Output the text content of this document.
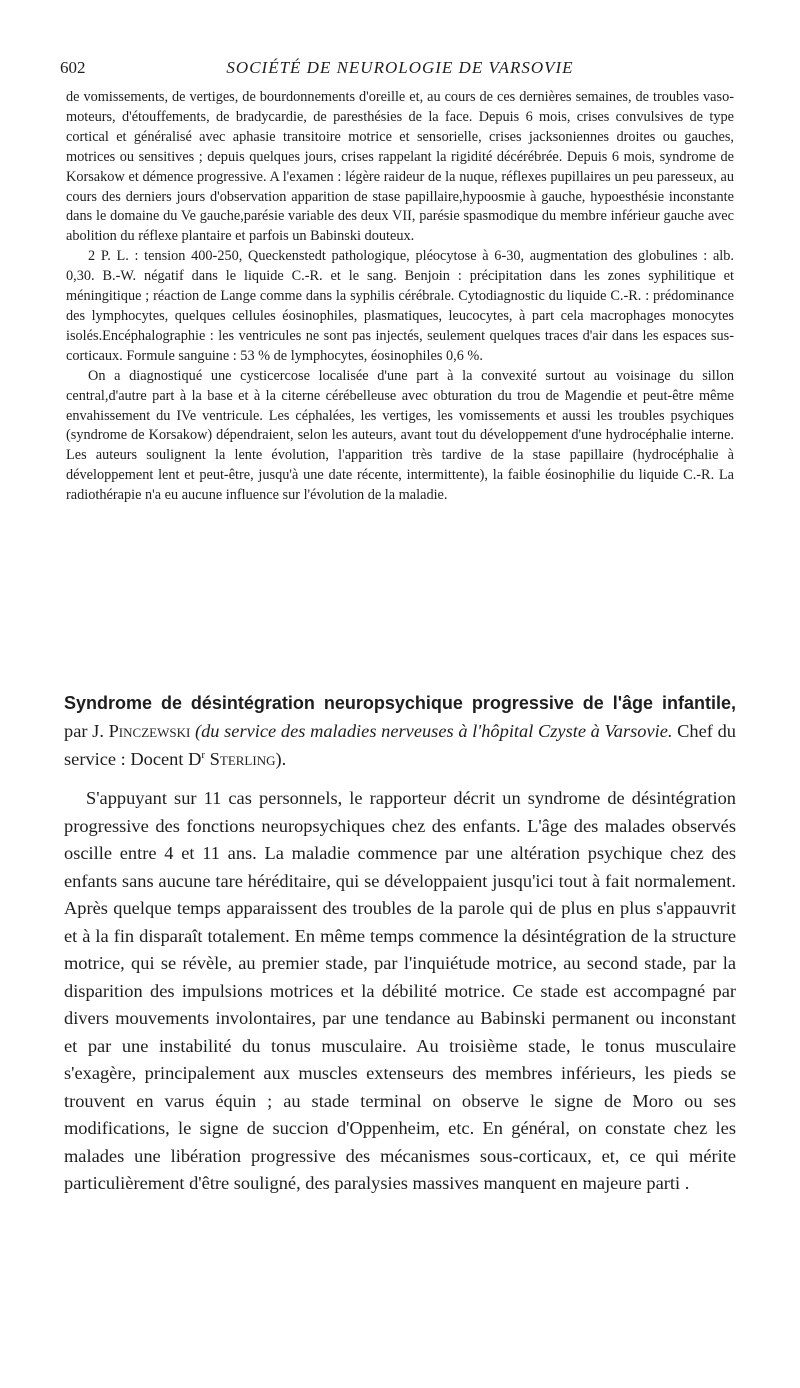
602	SOCIÉTÉ DE NEUROLOGIE DE VARSOVIE

de vomissements, de vertiges, de bourdonnements d'oreille et, au cours de ces dernières semaines, de troubles vaso-moteurs, d'étouffements, de bradycardie, de paresthésies de la face. Depuis 6 mois, crises convulsives de type cortical et généralisé avec aphasie transitoire motrice et sensorielle, crises jacksoniennes droites ou gauches, motrices ou sensitives ; depuis quelques jours, crises rappelant la rigidité décérébrée. Depuis 6 mois, syndrome de Korsakow et démence progressive. A l'examen : légère raideur de la nuque, réflexes pupillaires un peu paresseux, au cours des derniers jours d'observation apparition de stase papillaire,hypoosmie à gauche, hypoesthésie inconstante dans le domaine du Ve gauche,parésie variable des deux VII, parésie spasmodique du membre inférieur gauche avec abolition du réflexe plantaire et parfois un Babinski douteux.

2 P. L. : tension 400-250, Queckenstedt pathologique, pléocytose à 6-30, augmentation des globulines : alb. 0,30. B.-W. négatif dans le liquide C.-R. et le sang. Benjoin : précipitation dans les zones syphilitique et méningitique ; réaction de Lange comme dans la syphilis cérébrale. Cytodiagnostic du liquide C.-R. : prédominance des lymphocytes, quelques cellules éosinophiles, plasmatiques, leucocytes, à part cela macrophages monocytes isolés.Encéphalographie : les ventricules ne sont pas injectés, seulement quelques traces d'air dans les espaces sus-corticaux. Formule sanguine : 53 % de lymphocytes, éosinophiles 0,6 %.

On a diagnostiqué une cysticercose localisée d'une part à la convexité surtout au voisinage du sillon central,d'autre part à la base et à la citerne cérébelleuse avec obturation du trou de Magendie et peut-être même envahissement du IVe ventricule. Les céphalées, les vertiges, les vomissements et aussi les troubles psychiques (syndrome de Korsakow) dépendraient, selon les auteurs, avant tout du développement d'une hydrocéphalie interne. Les auteurs soulignent la lente évolution, l'apparition très tardive de la stase papillaire (hydrocéphalie à développement lent et peut-être, jusqu'à une date récente, intermittente), la faible éosinophilie du liquide C.-R. La radiothérapie n'a eu aucune influence sur l'évolution de la maladie.

Syndrome de désintégration neuropsychique progressive de l'âge infantile, par J. Pinczewski (du service des maladies nerveuses à l'hôpital Czyste à Varsovie. Chef du service : Docent $D^r$ Sterling).

S'appuyant sur 11 cas personnels, le rapporteur décrit un syndrome de désintégration progressive des fonctions neuropsychiques chez des enfants. L'âge des malades observés oscille entre 4 et 11 ans. La maladie commence par une altération psychique chez des enfants sans aucune tare héréditaire, qui se développaient jusqu'ici tout à fait normalement. Après quelque temps apparaissent des troubles de la parole qui de plus en plus s'appauvrit et à la fin disparaît totalement. En même temps commence la désintégration de la structure motrice, qui se révèle, au premier stade, par l'inquiétude motrice, au second stade, par la disparition des impulsions motrices et la débilité motrice. Ce stade est accompagné par divers mouvements involontaires, par une tendance au Babinski permanent ou inconstant et par une instabilité du tonus musculaire. Au troisième stade, le tonus musculaire s'exagère, principalement aux muscles extenseurs des membres inférieurs, les pieds se trouvent en varus équin ; au stade terminal on observe le signe de Moro ou ses modifications, le signe de succion d'Oppenheim, etc. En général, on constate chez les malades une libération progressive des mécanismes sous-corticaux, et, ce qui mérite particulièrement d'être souligné, des paralysies massives manquent en majeure parti .
